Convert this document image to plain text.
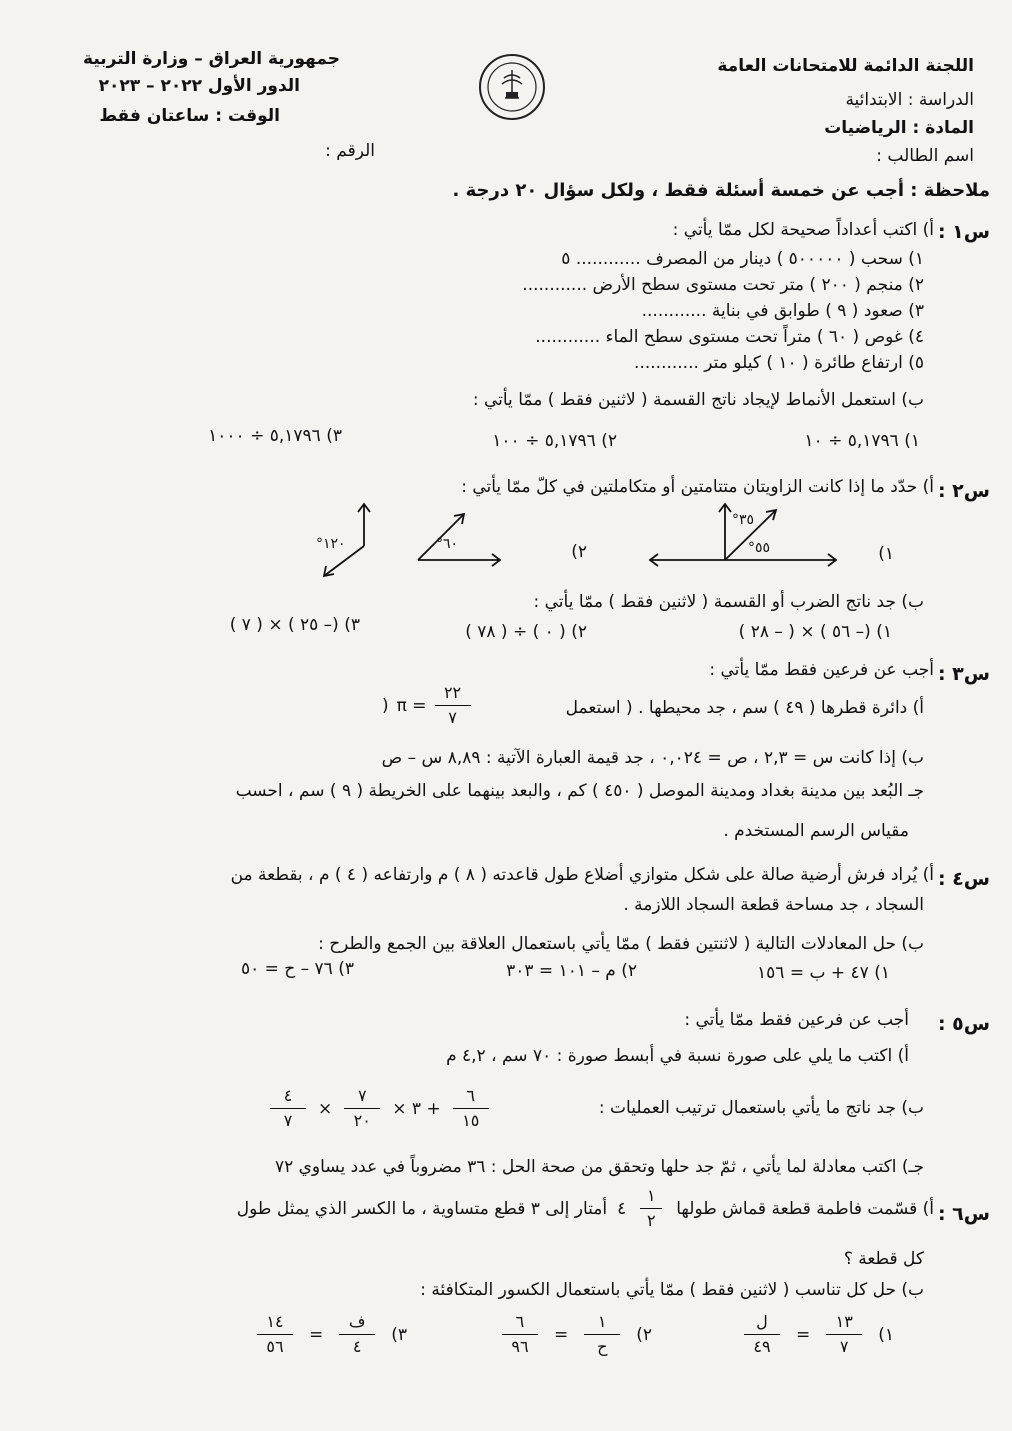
اللجنة الدائمة للامتحانات العامة
الدراسة : الابتدائية
المادة : الرياضيات
اسم الطالب :
جمهورية العراق – وزارة التربية
الدور الأول ٢٠٢٢ – ٢٠٢٣
الوقت : ساعتان فقط
الرقم :
ملاحظة : أجب عن خمسة أسئلة فقط ، ولكل سؤال ٢٠ درجة .
س١ :
أ) اكتب أعداداً صحيحة لكل ممّا يأتي :
١) سحب ( ٥٠٠٠٠٠ ) دينار من المصرف ............ ٥
٢) منجم ( ٢٠٠ ) متر تحت مستوى سطح الأرض ............
٣) صعود ( ٩ ) طوابق في بناية ............
٤) غوص ( ٦٠ ) متراً تحت مستوى سطح الماء ............
٥) ارتفاع طائرة ( ١٠ ) كيلو متر ............
ب) استعمل الأنماط لإيجاد ناتج القسمة ( لاثنين فقط ) ممّا يأتي :
١) ٥,١٧٩٦ ÷ ١٠
٢) ٥,١٧٩٦ ÷ ١٠٠
٣) ٥,١٧٩٦ ÷ ١٠٠٠
س٢ :
أ) حدّد ما إذا كانت الزاويتان متتامتين أو متكاملتين في كلّ ممّا يأتي :
١)
٣٥°
٥٥°
٢)
٦٠°
١٢٠°
ب) جد ناتج الضرب أو القسمة ( لاثنين فقط ) ممّا يأتي :
١) (– ٥٦ ) × ( – ٢٨ )
٢) ( ٠ ) ÷ ( ٧٨ )
٣) (– ٢٥ ) × ( ٧ )
س٣ :
أجب عن فرعين فقط ممّا يأتي :
أ) دائرة قطرها ( ٤٩ ) سم ، جد محيطها . ( استعمل
) $\pi = \frac{٢٢}{٧}$
ب) إذا كانت س = ٢,٣ ، ص = ٠,٠٢٤ ، جد قيمة العبارة الآتية : ٨,٨٩ س – ص
جـ البُعد بين مدينة بغداد ومدينة الموصل ( ٤٥٠ ) كم ، والبعد بينهما على الخريطة ( ٩ ) سم ، احسب
مقياس الرسم المستخدم .
س٤ :
أ) يُراد فرش أرضية صالة على شكل متوازي أضلاع طول قاعدته ( ٨ ) م وارتفاعه ( ٤ ) م ، بقطعة من
السجاد ، جد مساحة قطعة السجاد اللازمة .
ب) حل المعادلات التالية ( لاثنتين فقط ) ممّا يأتي باستعمال العلاقة بين الجمع والطرح :
١) ٤٧ + ب = ١٥٦
٢) م – ١٠١ = ٣٠٣
٣) ٧٦ – ح = ٥٠
س٥ :
أجب عن فرعين فقط ممّا يأتي :
أ) اكتب ما يلي على صورة نسبة في أبسط صورة : ٧٠ سم ، ٤,٢ م
ب) جد ناتج ما يأتي باستعمال ترتيب العمليات :
$\frac{٤}{٧} \times \frac{٧}{٢٠}$ × ٣ + $\frac{٦}{١٥}$
جـ) اكتب معادلة لما يأتي ، ثمّ جد حلها وتحقق من صحة الحل : ٣٦ مضروباً في عدد يساوي ٧٢
س٦ :
أ) قسّمت فاطمة قطعة قماش طولها
$\frac{١}{٢}$
٤
أمتار إلى ٣ قطع متساوية ، ما الكسر الذي يمثل طول
كل قطعة ؟
ب) حل كل تناسب ( لاثنين فقط ) ممّا يأتي باستعمال الكسور المتكافئة :
١)
$\frac{١٣}{٧}$
=
$\frac{\text{ل}}{٤٩}$
٢)
$\frac{١}{\text{ح}}$
=
$\frac{٦}{٩٦}$
٣)
$\frac{\text{ف}}{٤}$
=
$\frac{١٤}{٥٦}$
